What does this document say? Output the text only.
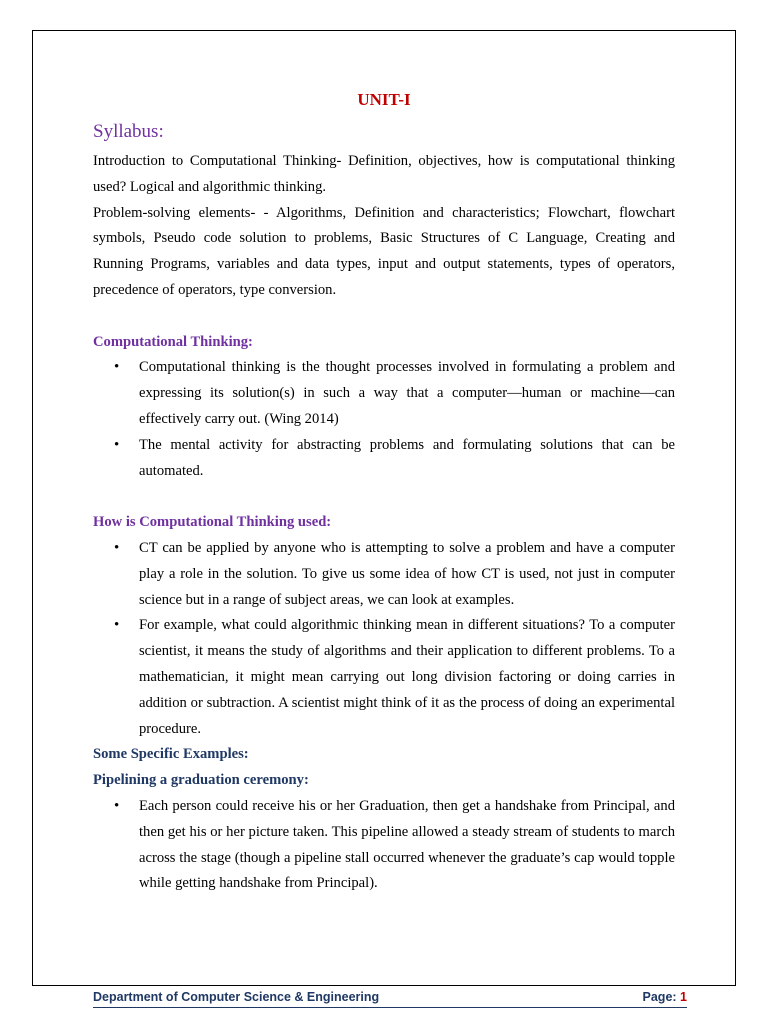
UNIT-I
Syllabus:

Introduction to Computational Thinking- Definition, objectives, how is computational thinking used? Logical and algorithmic thinking.

Problem-solving elements- - Algorithms, Definition and characteristics; Flowchart, flowchart symbols, Pseudo code solution to problems, Basic Structures of C Language, Creating and Running Programs, variables and data types, input and output statements, types of operators, precedence of operators, type conversion.

Computational Thinking:
• Computational thinking is the thought processes involved in formulating a problem and expressing its solution(s) in such a way that a computer—human or machine—can effectively carry out. (Wing 2014)
• The mental activity for abstracting problems and formulating solutions that can be automated.
How is Computational Thinking used:
• CT can be applied by anyone who is attempting to solve a problem and have a computer play a role in the solution. To give us some idea of how CT is used, not just in computer science but in a range of subject areas, we can look at examples.
• For example, what could algorithmic thinking mean in different situations? To a computer scientist, it means the study of algorithms and their application to different problems. To a mathematician, it might mean carrying out long division factoring or doing carries in addition or subtraction. A scientist might think of it as the process of doing an experimental procedure.
Some Specific Examples:
Pipelining a graduation ceremony:
• Each person could receive his or her Graduation, then get a handshake from Principal, and then get his or her picture taken. This pipeline allowed a steady stream of students to march across the stage (though a pipeline stall occurred whenever the graduate’s cap would topple while getting handshake from Principal).
Department of Computer Science & Engineering	Page: 1
